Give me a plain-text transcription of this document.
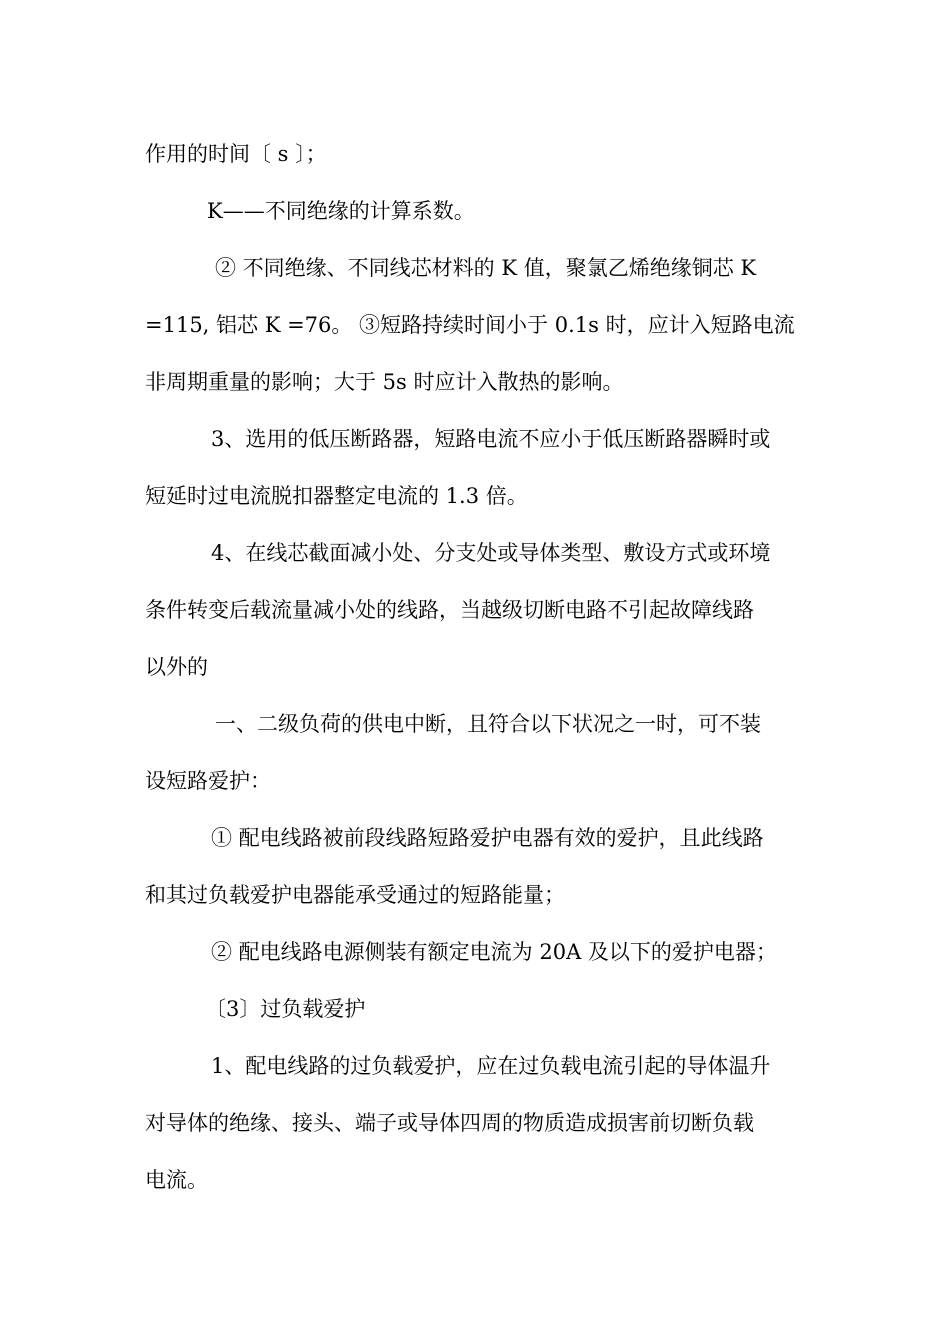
作用的时间〔 s 〕；

K——不同绝缘的计算系数。

② 不同绝缘、不同线芯材料的 K 值，聚氯乙烯绝缘铜芯 K

=115, 铝芯 K =76。 ③短路持续时间小于 0.1s 时，应计入短路电流

非周期重量的影响；大于 5s 时应计入散热的影响。

3、选用的低压断路器，短路电流不应小于低压断路器瞬时或

短延时过电流脱扣器整定电流的 1.3 倍。

4、在线芯截面减小处、分支处或导体类型、敷设方式或环境

条件转变后载流量减小处的线路，当越级切断电路不引起故障线路

以外的

一、二级负荷的供电中断，且符合以下状况之一时，可不装

设短路爱护：

① 配电线路被前段线路短路爱护电器有效的爱护，且此线路

和其过负载爱护电器能承受通过的短路能量；

② 配电线路电源侧装有额定电流为 20A 及以下的爱护电器；

〔3〕过负载爱护

1、配电线路的过负载爱护，应在过负载电流引起的导体温升

对导体的绝缘、接头、端子或导体四周的物质造成损害前切断负载

电流。
